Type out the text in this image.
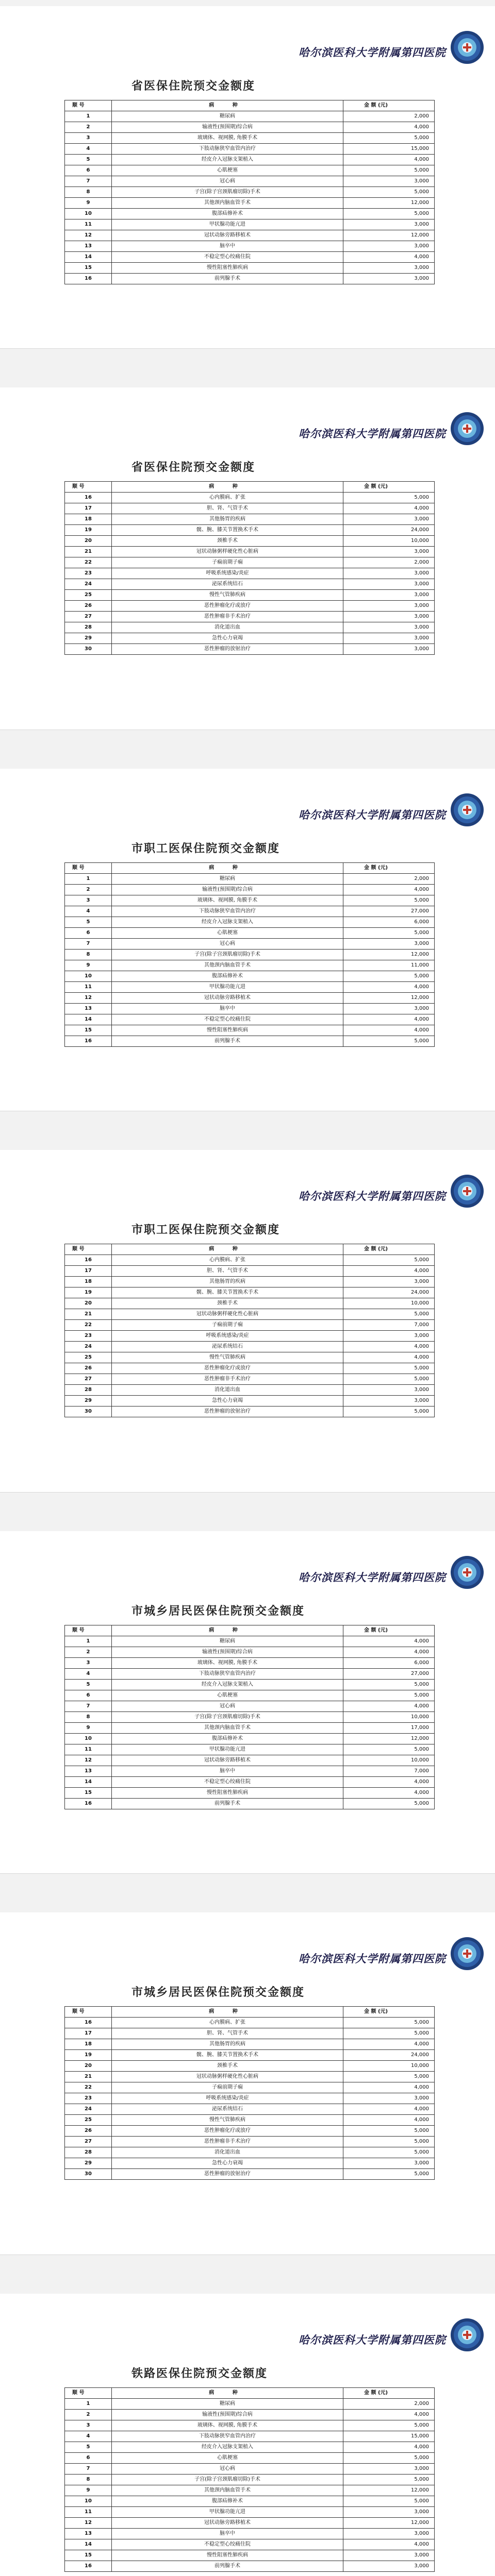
哈尔滨医科大学附属第四医院
省医保住院预交金额度
顺 号	病 种	金 额 (元)
1	糖尿病	2,000
2	输液性(预围期)综合病	4,000
3	玻璃体、视网膜, 角膜手术	5,000
4	下肢动脉狭窄血管内治疗	15,000
5	经皮介入冠脉支架植入	4,000
6	心肌梗塞	5,000
7	冠心病	3,000
8	子宫(除子宫颈肌瘤切除)手术	5,000
9	其他颈内脑血管手术	12,000
10	腹部疝修补术	5,000
11	甲状腺功能亢进	3,000
12	冠状动脉旁路移植术	12,000
13	脑卒中	3,000
14	不稳定型心绞痛住院	4,000
15	慢性阻塞性肺疾病	3,000
16	前列腺手术	3,000
哈尔滨医科大学附属第四医院
省医保住院预交金额度
顺 号	病 种	金 额 (元)
16	心内膜病、扩张	5,000
17	胆、肾、气管手术	4,000
18	其他肠胃的疾病	3,000
19	髋、腕、膝关节置换术手术	24,000
20	颈椎手术	10,000
21	冠状动脉粥样硬化性心脏病	3,000
22	子痫前期子痫	2,000
23	呼吸系统感染/炎症	3,000
24	泌尿系统结石	3,000
25	慢性气管肺疾病	3,000
26	恶性肿瘤化疗或放疗	3,000
27	恶性肿瘤非手术治疗	3,000
28	消化道出血	3,000
29	急性心力衰竭	3,000
30	恶性肿瘤的放射治疗	3,000
哈尔滨医科大学附属第四医院
市职工医保住院预交金额度
顺 号	病 种	金 额 (元)
1	糖尿病	2,000
2	输液性(预围期)综合病	4,000
3	玻璃体、视网膜, 角膜手术	5,000
4	下肢动脉狭窄血管内治疗	27,000
5	经皮介入冠脉支架植入	6,000
6	心肌梗塞	5,000
7	冠心病	3,000
8	子宫(除子宫颈肌瘤切除)手术	12,000
9	其他颈内脑血管手术	11,000
10	腹部疝修补术	5,000
11	甲状腺功能亢进	4,000
12	冠状动脉旁路移植术	12,000
13	脑卒中	3,000
14	不稳定型心绞痛住院	4,000
15	慢性阻塞性肺疾病	4,000
16	前列腺手术	5,000
哈尔滨医科大学附属第四医院
市职工医保住院预交金额度
顺 号	病 种	金 额 (元)
16	心内膜病、扩张	5,000
17	胆、肾、气管手术	4,000
18	其他肠胃的疾病	3,000
19	髋、腕、膝关节置换术手术	24,000
20	颈椎手术	10,000
21	冠状动脉粥样硬化性心脏病	5,000
22	子痫前期子痫	7,000
23	呼吸系统感染/炎症	3,000
24	泌尿系统结石	4,000
25	慢性气管肺疾病	4,000
26	恶性肿瘤化疗或放疗	5,000
27	恶性肿瘤非手术治疗	5,000
28	消化道出血	3,000
29	急性心力衰竭	3,000
30	恶性肿瘤的放射治疗	5,000
哈尔滨医科大学附属第四医院
市城乡居民医保住院预交金额度
顺 号	病 种	金 额 (元)
1	糖尿病	4,000
2	输液性(预围期)综合病	4,000
3	玻璃体、视网膜, 角膜手术	6,000
4	下肢动脉狭窄血管内治疗	27,000
5	经皮介入冠脉支架植入	5,000
6	心肌梗塞	5,000
7	冠心病	4,000
8	子宫(除子宫颈肌瘤切除)手术	10,000
9	其他颈内脑血管手术	17,000
10	腹部疝修补术	12,000
11	甲状腺功能亢进	5,000
12	冠状动脉旁路移植术	10,000
13	脑卒中	7,000
14	不稳定型心绞痛住院	4,000
15	慢性阻塞性肺疾病	4,000
16	前列腺手术	5,000
哈尔滨医科大学附属第四医院
市城乡居民医保住院预交金额度
顺 号	病 种	金 额 (元)
16	心内膜病、扩张	5,000
17	胆、肾、气管手术	5,000
18	其他肠胃的疾病	4,000
19	髋、腕、膝关节置换术手术	24,000
20	颈椎手术	10,000
21	冠状动脉粥样硬化性心脏病	5,000
22	子痫前期子痫	4,000
23	呼吸系统感染/炎症	3,000
24	泌尿系统结石	4,000
25	慢性气管肺疾病	4,000
26	恶性肿瘤化疗或放疗	5,000
27	恶性肿瘤非手术治疗	5,000
28	消化道出血	5,000
29	急性心力衰竭	3,000
30	恶性肿瘤的放射治疗	5,000
哈尔滨医科大学附属第四医院
铁路医保住院预交金额度
顺 号	病 种	金 额 (元)
1	糖尿病	2,000
2	输液性(预围期)综合病	4,000
3	玻璃体、视网膜, 角膜手术	5,000
4	下肢动脉狭窄血管内治疗	15,000
5	经皮介入冠脉支架植入	4,000
6	心肌梗塞	5,000
7	冠心病	3,000
8	子宫(除子宫颈肌瘤切除)手术	5,000
9	其他颈内脑血管手术	12,000
10	腹部疝修补术	5,000
11	甲状腺功能亢进	3,000
12	冠状动脉旁路移植术	12,000
13	脑卒中	3,000
14	不稳定型心绞痛住院	4,000
15	慢性阻塞性肺疾病	3,000
16	前列腺手术	3,000
